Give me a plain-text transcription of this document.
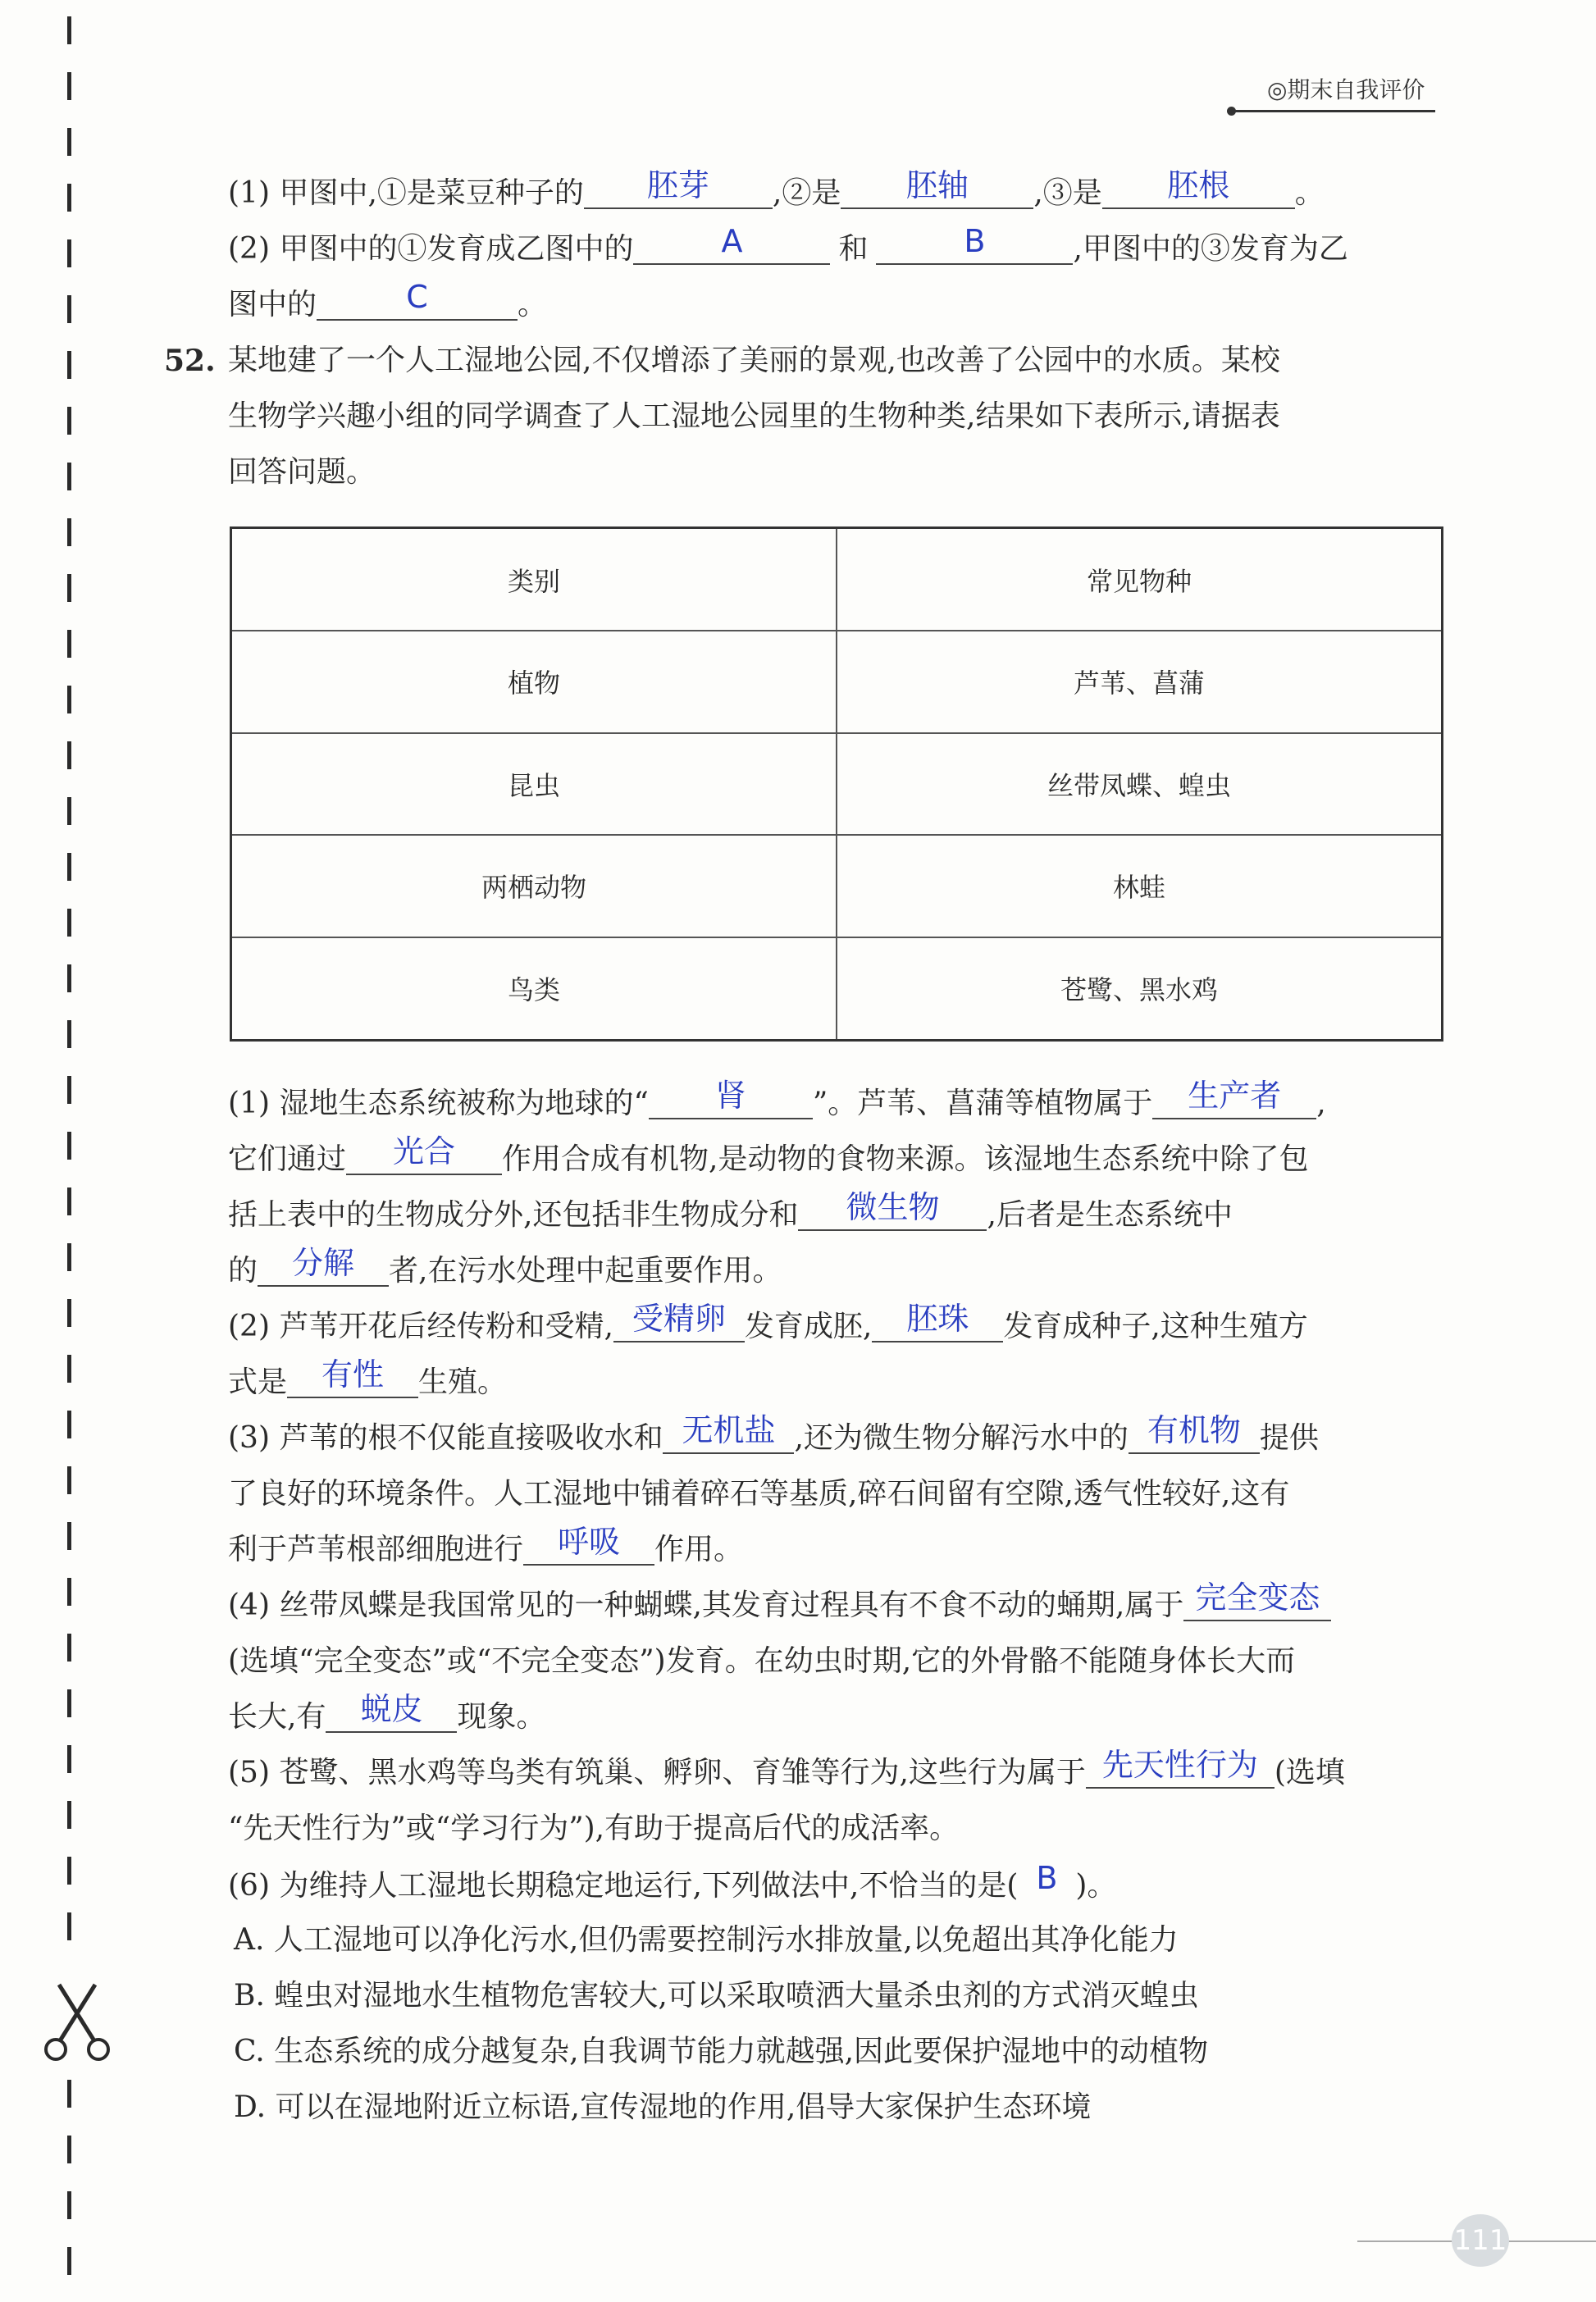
◎期末自我评价
(1) 甲图中,①是菜豆种子的 胚芽 ,②是 胚轴 ,③是 胚根 。
(2) 甲图中的①发育成乙图中的	A	和	B	,甲图中的③发育为乙
图中的	C	。
52. 某地建了一个人工湿地公园,不仅增添了美丽的景观,也改善了公园中的水质。某校
生物学兴趣小组的同学调查了人工湿地公园里的生物种类,结果如下表所示,请据表
回答问题。
类别	常见物种
植物	芦苇、菖蒲
昆虫	丝带凤蝶、蝗虫
两栖动物	林蛙
鸟类	苍鹭、黑水鸡
(1) 湿地生态系统被称为地球的“ 肾 ”。芦苇、菖蒲等植物属于 生产者 ,
它们通过 光合 作用合成有机物,是动物的食物来源。该湿地生态系统中除了包
括上表中的生物成分外,还包括非生物成分和 微生物 ,后者是生态系统中
的 分解 者,在污水处理中起重要作用。
(2) 芦苇开花后经传粉和受精, 受精卵 发育成胚, 胚珠 发育成种子,这种生殖方
式是 有性 生殖。
(3) 芦苇的根不仅能直接吸收水和 无机盐 ,还为微生物分解污水中的 有机物 提供
了良好的环境条件。人工湿地中铺着碎石等基质,碎石间留有空隙,透气性较好,这有
利于芦苇根部细胞进行 呼吸 作用。
(4) 丝带凤蝶是我国常见的一种蝴蝶,其发育过程具有不食不动的蛹期,属于 完全变态
(选填“完全变态”或“不完全变态”)发育。在幼虫时期,它的外骨骼不能随身体长大而
长大,有 蜕皮 现象。
(5) 苍鹭、黑水鸡等鸟类有筑巢、孵卵、育雏等行为,这些行为属于 先天性行为 (选填
“先天性行为”或“学习行为”),有助于提高后代的成活率。
(6) 为维持人工湿地长期稳定地运行,下列做法中,不恰当的是( B )。
A. 人工湿地可以净化污水,但仍需要控制污水排放量,以免超出其净化能力
B. 蝗虫对湿地水生植物危害较大,可以采取喷洒大量杀虫剂的方式消灭蝗虫
C. 生态系统的成分越复杂,自我调节能力就越强,因此要保护湿地中的动植物
D. 可以在湿地附近立标语,宣传湿地的作用,倡导大家保护生态环境
111
